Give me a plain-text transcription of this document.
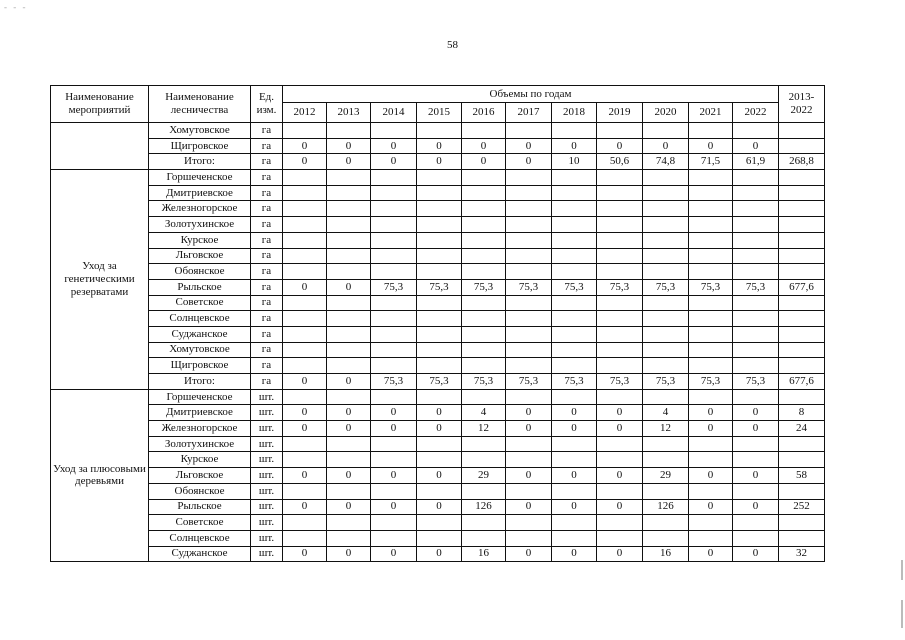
- - -
58
Наименование мероприятий	Наименование лесничества	Ед. изм.	Объемы по годам											2013-2022
			2012	2013	2014	2015	2016	2017	2018	2019	2020	2021	2022	
	Хомутовское	га												
	Щигровское	га	0	0	0	0	0	0	0	0	0	0	0	
	Итого:	га	0	0	0	0	0	0	10	50,6	74,8	71,5	61,9	268,8
Уход за генетическими резерватами	Горшеченское	га												
	Дмитриевское	га												
	Железногорское	га												
	Золотухинское	га												
	Курское	га												
	Льговское	га												
	Обоянское	га												
	Рыльское	га	0	0	75,3	75,3	75,3	75,3	75,3	75,3	75,3	75,3	75,3	677,6
	Советское	га												
	Солнцевское	га												
	Суджанское	га												
	Хомутовское	га												
	Щигровское	га												
	Итого:	га	0	0	75,3	75,3	75,3	75,3	75,3	75,3	75,3	75,3	75,3	677,6
Уход за плюсовыми деревьями	Горшеченское	шт.												
	Дмитриевское	шт.	0	0	0	0	4	0	0	0	4	0	0	8
	Железногорское	шт.	0	0	0	0	12	0	0	0	12	0	0	24
	Золотухинское	шт.												
	Курское	шт.												
	Льговское	шт.	0	0	0	0	29	0	0	0	29	0	0	58
	Обоянское	шт.												
	Рыльское	шт.	0	0	0	0	126	0	0	0	126	0	0	252
	Советское	шт.												
	Солнцевское	шт.												
	Суджанское	шт.	0	0	0	0	16	0	0	0	16	0	0	32
